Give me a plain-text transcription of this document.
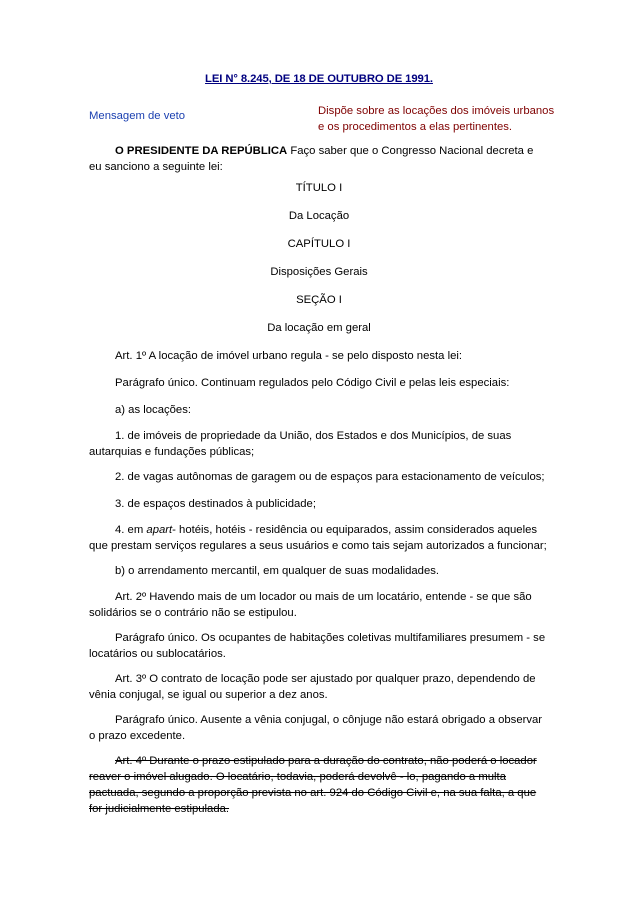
LEI N° 8.245, DE 18 DE OUTUBRO DE 1991.
Mensagem de veto	Dispõe sobre as locações dos imóveis urbanos e os procedimentos a elas pertinentes.
O PRESIDENTE DA REPÚBLICA Faço saber que o Congresso Nacional decreta e eu sanciono a seguinte lei:
TÍTULO I
Da Locação
CAPÍTULO I
Disposições Gerais
SEÇÃO I
Da locação em geral
Art. 1º A locação de imóvel urbano regula - se pelo disposto nesta lei:
Parágrafo único. Continuam regulados pelo Código Civil e pelas leis especiais:
a) as locações:
1. de imóveis de propriedade da União, dos Estados e dos Municípios, de suas autarquias e fundações públicas;
2. de vagas autônomas de garagem ou de espaços para estacionamento de veículos;
3. de espaços destinados à publicidade;
4. em apart- hotéis, hotéis - residência ou equiparados, assim considerados aqueles que prestam serviços regulares a seus usuários e como tais sejam autorizados a funcionar;
b) o arrendamento mercantil, em qualquer de suas modalidades.
Art. 2º Havendo mais de um locador ou mais de um locatário, entende - se que são solidários se o contrário não se estipulou.
Parágrafo único. Os ocupantes de habitações coletivas multifamiliares presumem - se locatários ou sublocatários.
Art. 3º O contrato de locação pode ser ajustado por qualquer prazo, dependendo de vênia conjugal, se igual ou superior a dez anos.
Parágrafo único. Ausente a vênia conjugal, o cônjuge não estará obrigado a observar o prazo excedente.
Art. 4º Durante o prazo estipulado para a duração do contrato, não poderá o locador reaver o imóvel alugado. O locatário, todavia, poderá devolvê - lo, pagando a multa pactuada, segundo a proporção prevista no art. 924 do Código Civil e, na sua falta, a que for judicialmente estipulada.
